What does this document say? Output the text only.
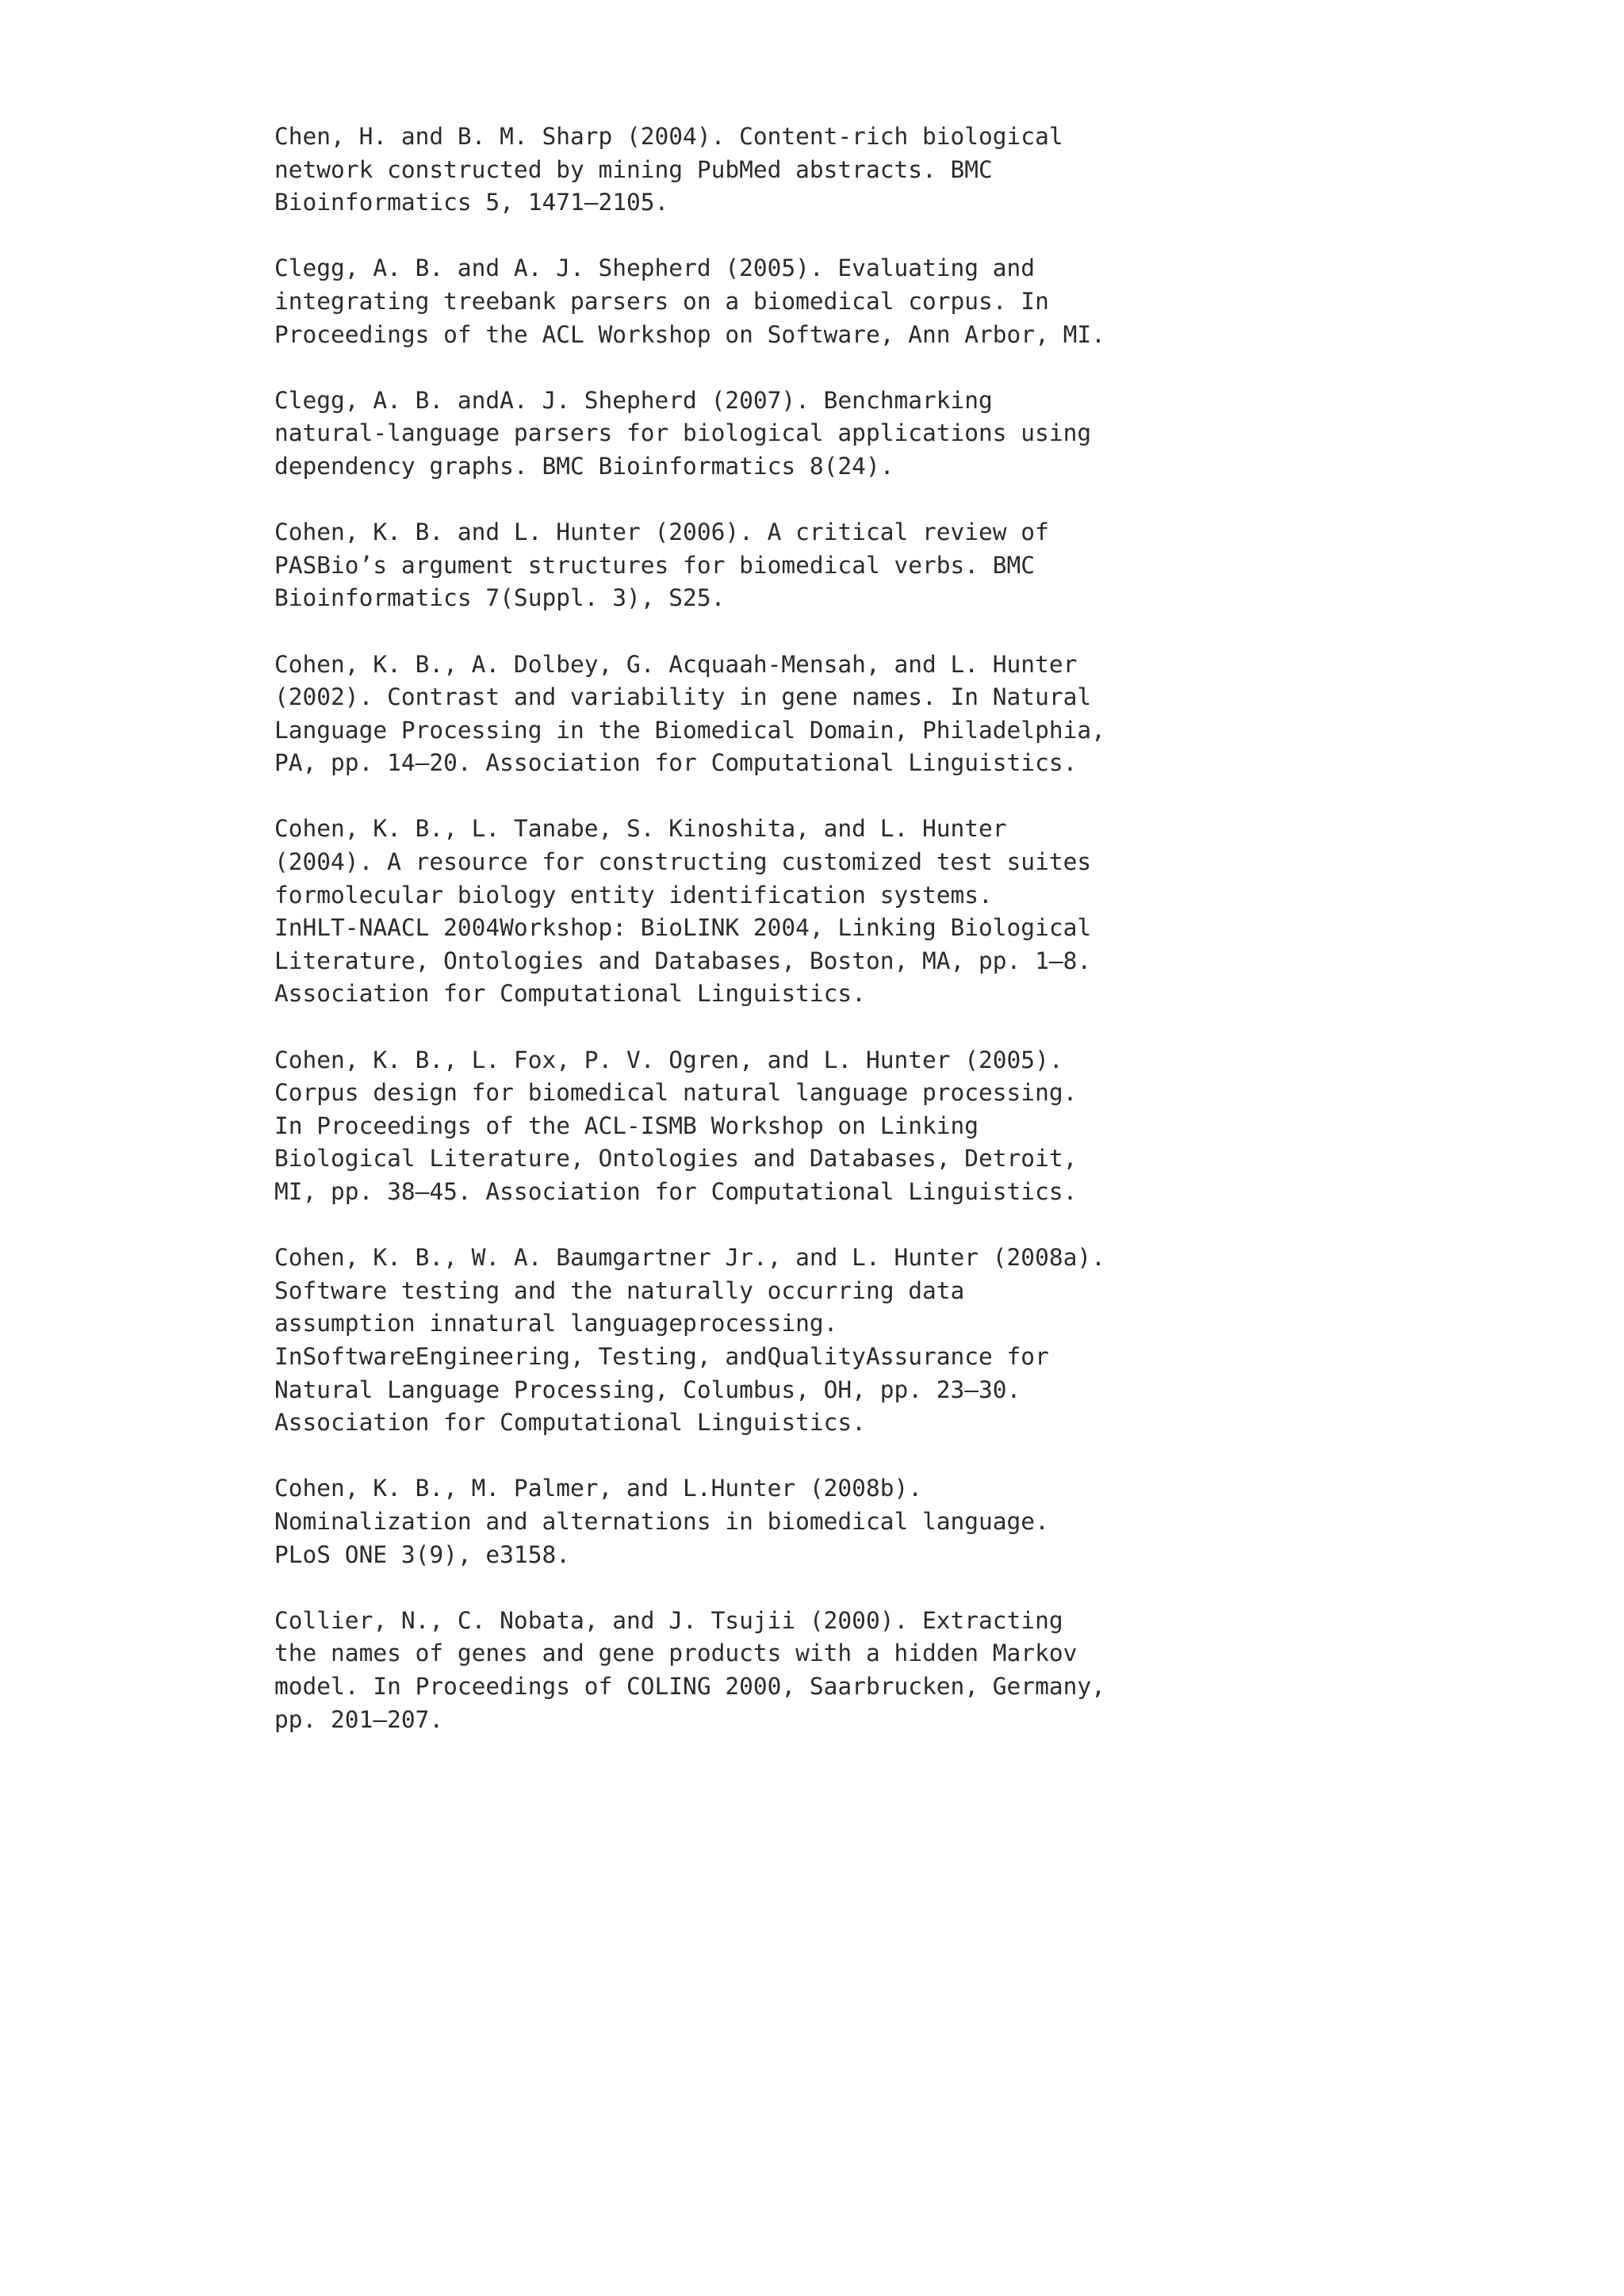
Chen, H. and B. M. Sharp (2004). Content-rich biological
network constructed by mining PubMed abstracts. BMC
Bioinformatics 5, 1471–2105.
Clegg, A. B. and A. J. Shepherd (2005). Evaluating and
integrating treebank parsers on a biomedical corpus. In
Proceedings of the ACL Workshop on Software, Ann Arbor, MI.
Clegg, A. B. andA. J. Shepherd (2007). Benchmarking
natural-language parsers for biological applications using
dependency graphs. BMC Bioinformatics 8(24).
Cohen, K. B. and L. Hunter (2006). A critical review of
PASBio’s argument structures for biomedical verbs. BMC
Bioinformatics 7(Suppl. 3), S25.
Cohen, K. B., A. Dolbey, G. Acquaah-Mensah, and L. Hunter
(2002). Contrast and variability in gene names. In Natural
Language Processing in the Biomedical Domain, Philadelphia,
PA, pp. 14–20. Association for Computational Linguistics.
Cohen, K. B., L. Tanabe, S. Kinoshita, and L. Hunter
(2004). A resource for constructing customized test suites
formolecular biology entity identification systems.
InHLT-NAACL 2004Workshop: BioLINK 2004, Linking Biological
Literature, Ontologies and Databases, Boston, MA, pp. 1–8.
Association for Computational Linguistics.
Cohen, K. B., L. Fox, P. V. Ogren, and L. Hunter (2005).
Corpus design for biomedical natural language processing.
In Proceedings of the ACL-ISMB Workshop on Linking
Biological Literature, Ontologies and Databases, Detroit,
MI, pp. 38–45. Association for Computational Linguistics.
Cohen, K. B., W. A. Baumgartner Jr., and L. Hunter (2008a).
Software testing and the naturally occurring data
assumption innatural languageprocessing.
InSoftwareEngineering, Testing, andQualityAssurance for
Natural Language Processing, Columbus, OH, pp. 23–30.
Association for Computational Linguistics.
Cohen, K. B., M. Palmer, and L.Hunter (2008b).
Nominalization and alternations in biomedical language.
PLoS ONE 3(9), e3158.
Collier, N., C. Nobata, and J. Tsujii (2000). Extracting
the names of genes and gene products with a hidden Markov
model. In Proceedings of COLING 2000, Saarbrucken, Germany,
pp. 201–207.
